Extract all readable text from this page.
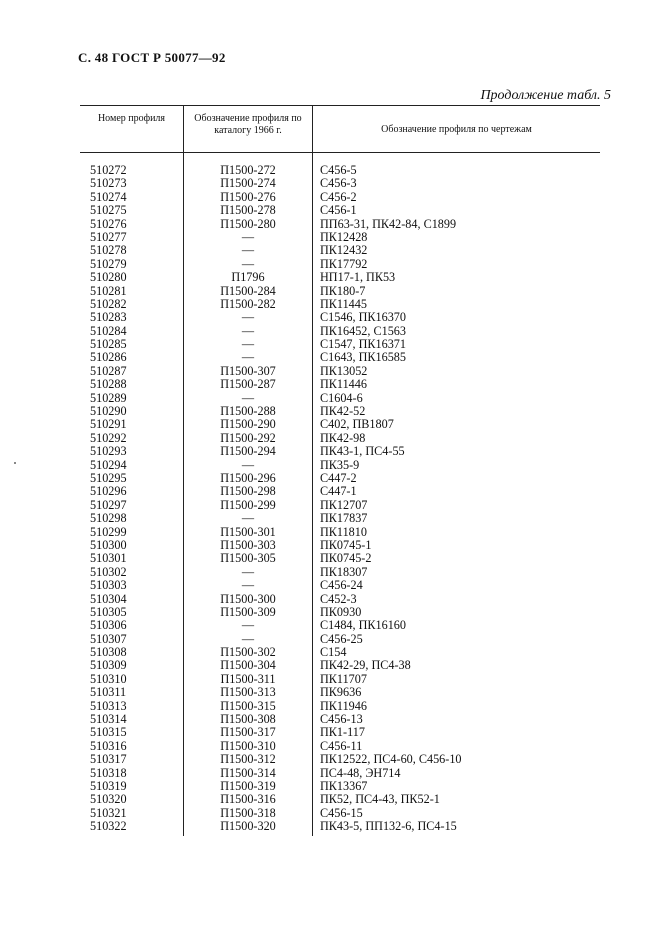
С. 48 ГОСТ Р 50077—92
Продолжение табл. 5
Номер профиля	Обозначение профиля по каталогу 1966 г.	Обозначение профиля по чертежам
510272	П1500-272	С456-5
510273	П1500-274	С456-3
510274	П1500-276	С456-2
510275	П1500-278	С456-1
510276	П1500-280	ПП63-31, ПК42-84, С1899
510277	—	ПК12428
510278	—	ПК12432
510279	—	ПК17792
510280	П1796	НП17-1, ПК53
510281	П1500-284	ПК180-7
510282	П1500-282	ПК11445
510283	—	С1546, ПК16370
510284	—	ПК16452, С1563
510285	—	С1547, ПК16371
510286	—	С1643, ПК16585
510287	П1500-307	ПК13052
510288	П1500-287	ПК11446
510289	—	С1604-6
510290	П1500-288	ПК42-52
510291	П1500-290	С402, ПВ1807
510292	П1500-292	ПК42-98
510293	П1500-294	ПК43-1, ПС4-55
510294	—	ПК35-9
510295	П1500-296	С447-2
510296	П1500-298	С447-1
510297	П1500-299	ПК12707
510298	—	ПК17837
510299	П1500-301	ПК11810
510300	П1500-303	ПК0745-1
510301	П1500-305	ПК0745-2
510302	—	ПК18307
510303	—	С456-24
510304	П1500-300	С452-3
510305	П1500-309	ПК0930
510306	—	С1484, ПК16160
510307	—	С456-25
510308	П1500-302	С154
510309	П1500-304	ПК42-29, ПС4-38
510310	П1500-311	ПК11707
510311	П1500-313	ПК9636
510313	П1500-315	ПК11946
510314	П1500-308	С456-13
510315	П1500-317	ПК1-117
510316	П1500-310	С456-11
510317	П1500-312	ПК12522, ПС4-60, С456-10
510318	П1500-314	ПС4-48, ЭН714
510319	П1500-319	ПК13367
510320	П1500-316	ПК52, ПС4-43, ПК52-1
510321	П1500-318	С456-15
510322	П1500-320	ПК43-5, ПП132-6, ПС4-15
